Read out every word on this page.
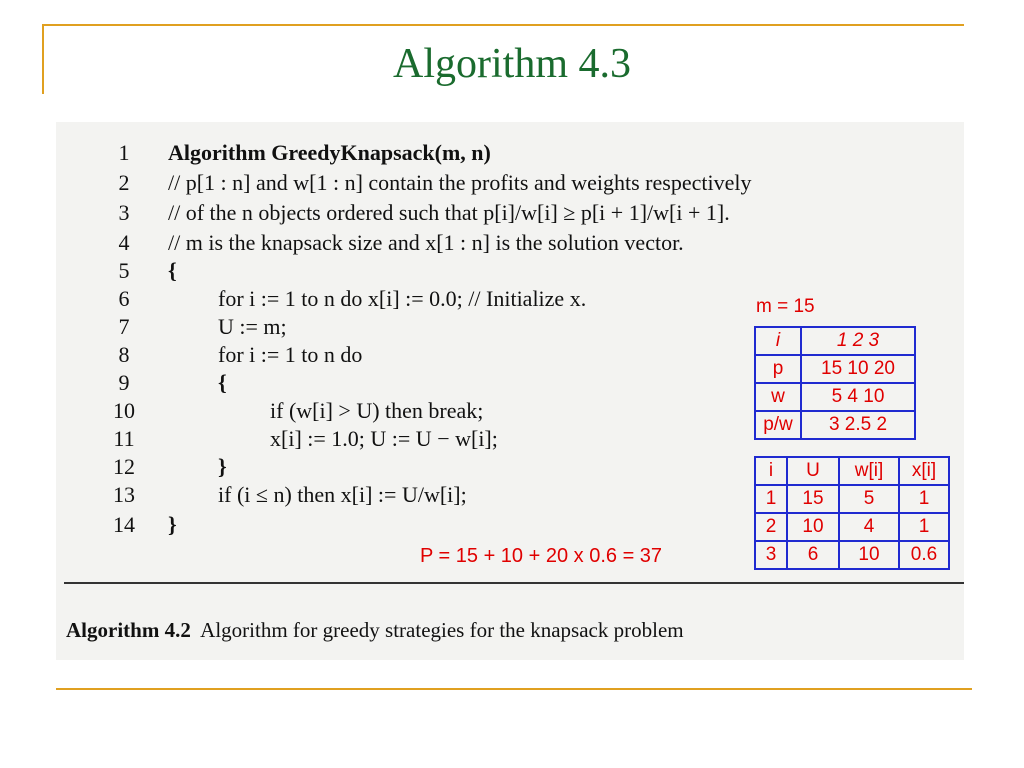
Algorithm 4.3
1	Algorithm GreedyKnapsack(m, n)
2	// p[1 : n] and w[1 : n] contain the profits and weights respectively
3	// of the n objects ordered such that p[i]/w[i] ≥ p[i + 1]/w[i + 1].
4	// m is the knapsack size and x[1 : n] is the solution vector.
5	{
6	for i := 1 to n do x[i] := 0.0; // Initialize x.
7	U := m;
8	for i := 1 to n do
9	{
10	if (w[i] > U) then break;
11	x[i] := 1.0; U := U − w[i];
12	}
13	if (i ≤ n) then x[i] := U/w[i];
14	}
Algorithm 4.2 Algorithm for greedy strategies for the knapsack problem
m = 15
i	1 2 3
p	15 10 20
w	5 4 10
p/w	3 2.5 2
i	U	w[i]	x[i]
1	15	5	1
2	10	4	1
3	6	10	0.6
P = 15 + 10 + 20 x 0.6 = 37
